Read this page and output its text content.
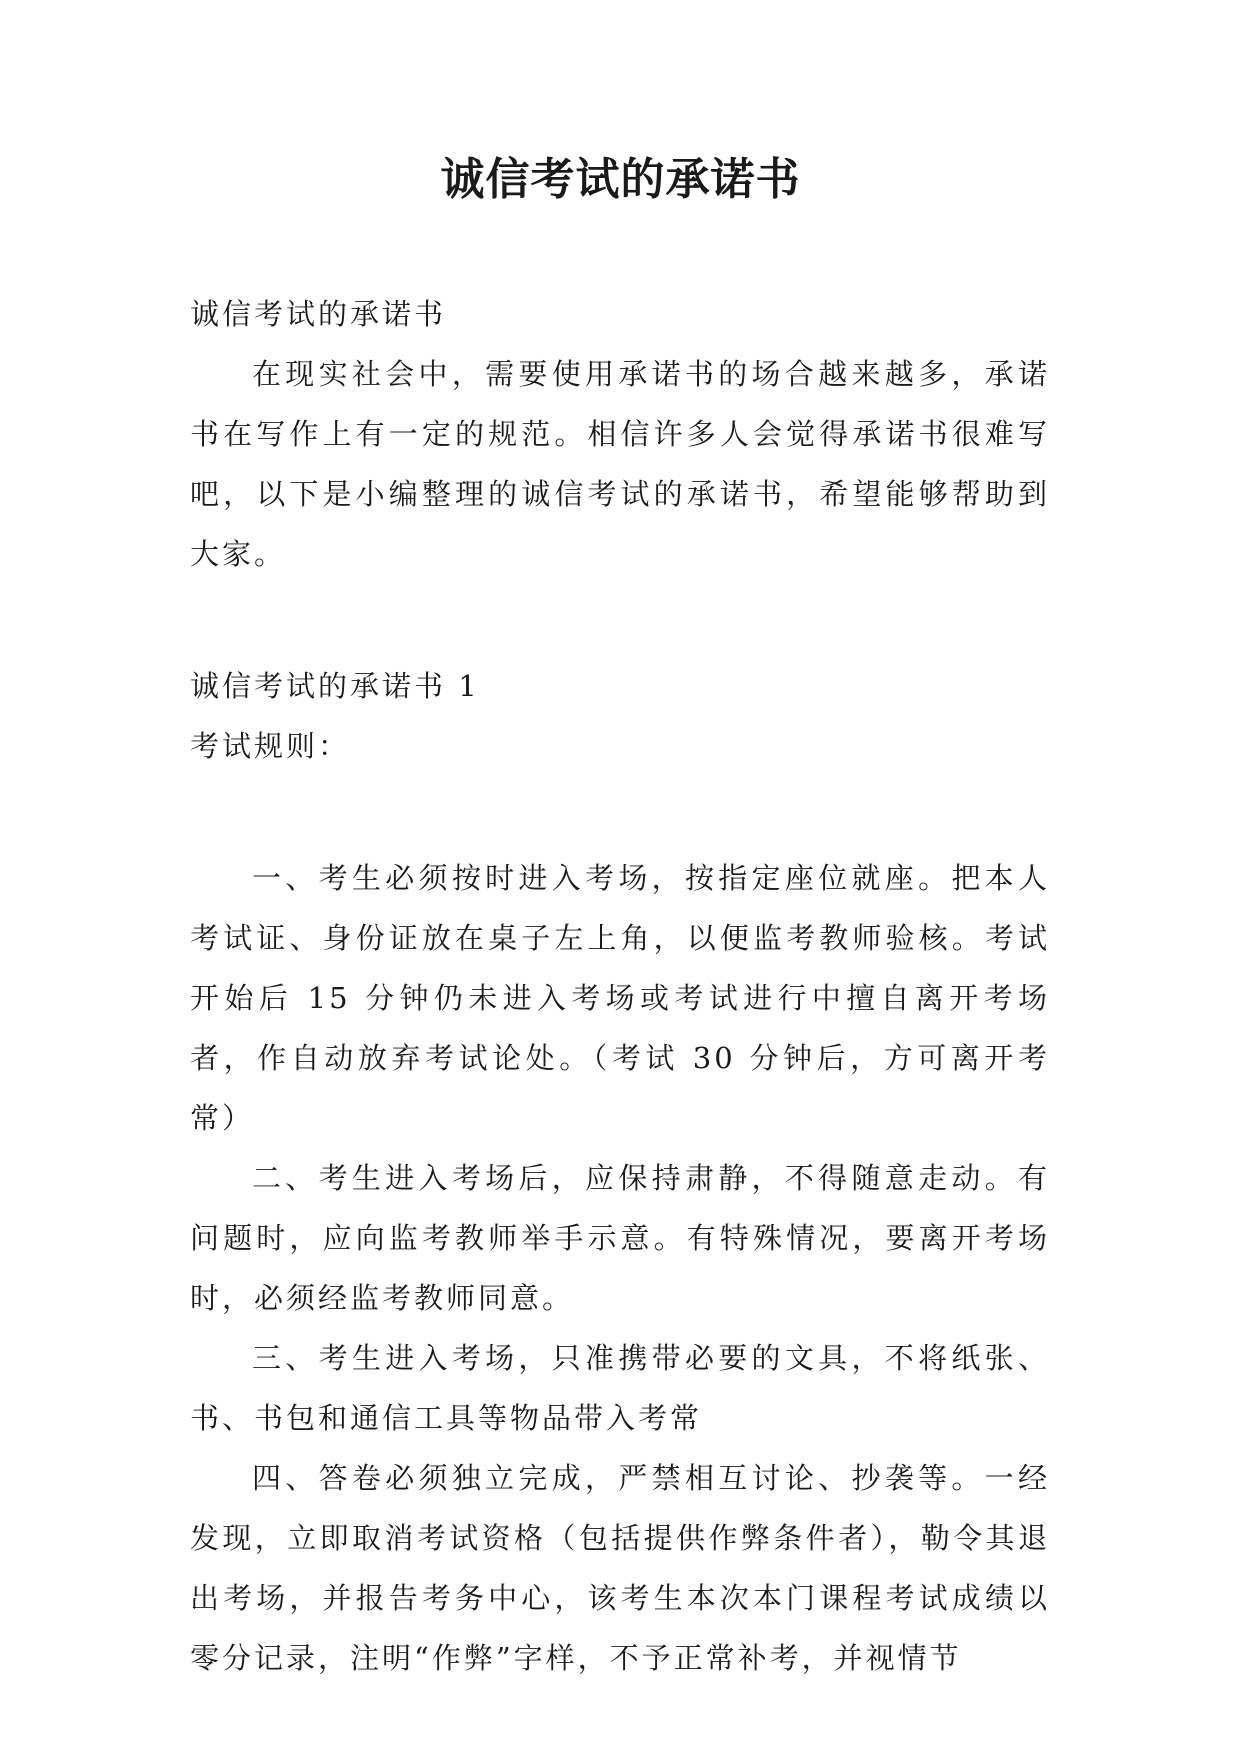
诚信考试的承诺书

诚信考试的承诺书

在现实社会中，需要使用承诺书的场合越来越多，承诺书在写作上有一定的规范。相信许多人会觉得承诺书很难写吧，以下是小编整理的诚信考试的承诺书，希望能够帮助到大家。

诚信考试的承诺书 1

考试规则：

一、考生必须按时进入考场，按指定座位就座。把本人考试证、身份证放在桌子左上角，以便监考教师验核。考试开始后 15 分钟仍未进入考场或考试进行中擅自离开考场者，作自动放弃考试论处。（考试 30 分钟后，方可离开考常）

二、考生进入考场后，应保持肃静，不得随意走动。有问题时，应向监考教师举手示意。有特殊情况，要离开考场时，必须经监考教师同意。

三、考生进入考场，只准携带必要的文具，不将纸张、书、书包和通信工具等物品带入考常

四、答卷必须独立完成，严禁相互讨论、抄袭等。一经发现，立即取消考试资格（包括提供作弊条件者），勒令其退出考场，并报告考务中心，该考生本次本门课程考试成绩以零分记录，注明“作弊”字样，不予正常补考，并视情节
